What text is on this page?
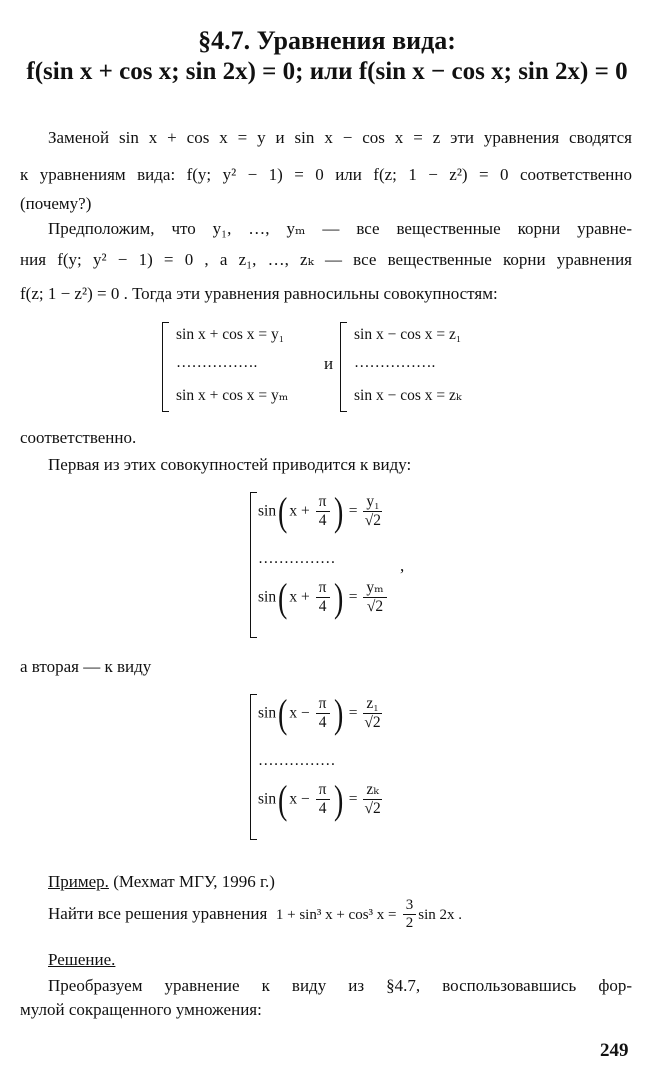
§4.7. Уравнения вида:
f(sin x + cos x; sin 2x) = 0; или f(sin x − cos x; sin 2x) = 0
Заменой sin x + cos x = y и sin x − cos x = z эти уравнения сводятся
к уравнениям вида: f(y; y² − 1) = 0 или f(z; 1 − z²) = 0 соответственно
(почему?)
Предположим, что y₁, …, yₘ — все вещественные корни уравне-
ния f(y; y² − 1) = 0 , а z₁, …, zₖ — все вещественные корни уравнения
f(z; 1 − z²) = 0 . Тогда эти уравнения равносильны совокупностям:
sin x + cos x = y₁
…………….
sin x + cos x = yₘ
и
sin x − cos x = z₁
…………….
sin x − cos x = zₖ
соответственно.
Первая из этих совокупностей приводится к виду:
sin( $x + \frac{\pi}{4}$ ) = $\frac{\text{y₁}}{√2}$
……………
sin( $x + \frac{\pi}{4}$ ) = $\frac{\text{yₘ}}{√2}$
,
а вторая — к виду
sin( $x - \frac{\pi}{4}$ ) = $\frac{\text{z₁}}{√2}$
……………
sin( $x - \frac{\pi}{4}$ ) = $\frac{\text{zₖ}}{√2}$
Пример. (Мехмат МГУ, 1996 г.)
Найти все решения уравнения 1 + sin³ x + cos³ $x = \frac{3}{2}$ sin 2x .
Решение.
Преобразуем уравнение к виду из §4.7, воспользовавшись фор-
мулой сокращенного умножения:
249
